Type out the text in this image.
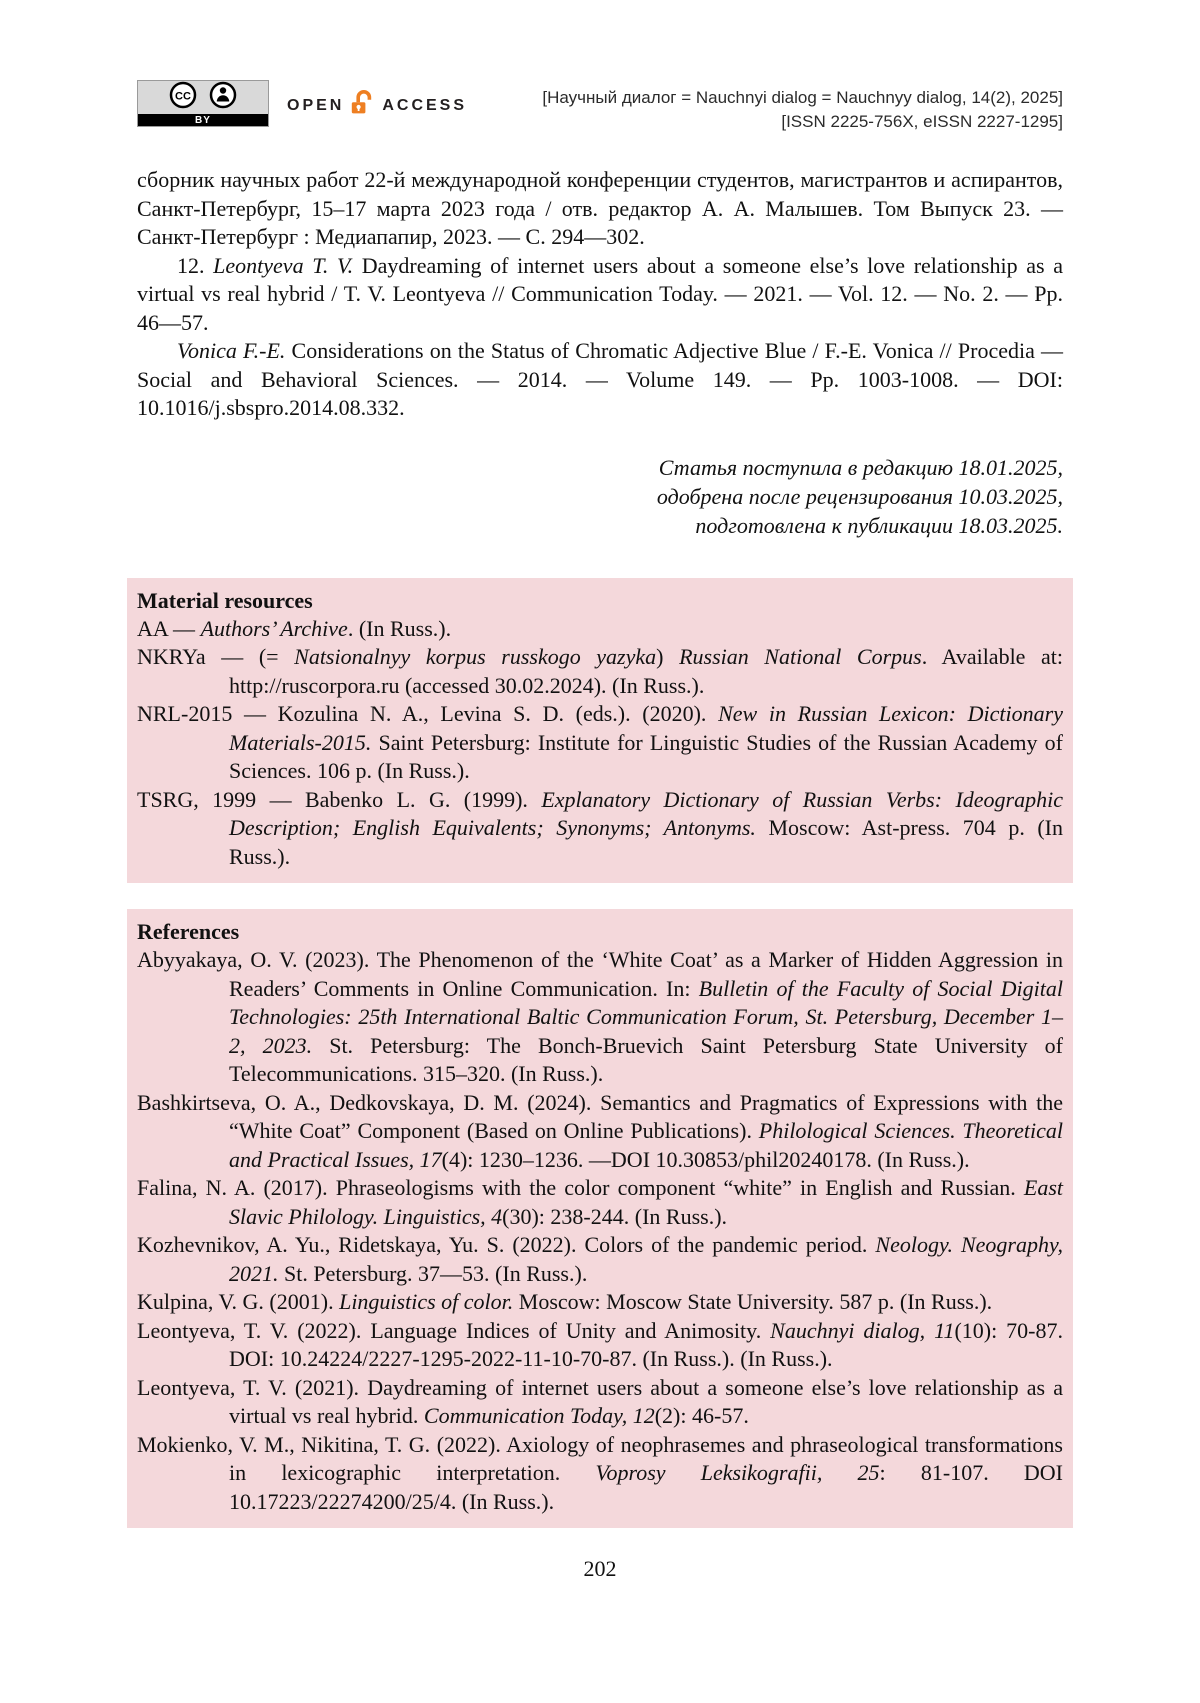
CC
BY
OPEN ACCESS	[Научный диалог = Nauchnyi dialog = Nauchnyy dialog, 14(2), 2025]
[ISSN 2225-756X, eISSN 2227-1295]

сборник научных работ 22-й международной конференции студентов, магистрантов и аспирантов, Санкт-Петербург, 15–17 марта 2023 года / отв. редактор А. А. Малышев. Том Выпуск 23. — Санкт-Петербург : Медиапапир, 2023. — С. 294—302.

12. Leontyeva T. V. Daydreaming of internet users about a someone else’s love relationship as a virtual vs real hybrid / T. V. Leontyeva // Communication Today. — 2021. — Vol. 12. — No. 2. — Pp. 46—57.

Vonica F.-E. Considerations on the Status of Chromatic Adjective Blue / F.-E. Vonica // Procedia — Social and Behavioral Sciences. — 2014. — Volume 149. — Pp. 1003-1008. — DOI: 10.1016/j.sbspro.2014.08.332.

Статья поступила в редакцию 18.01.2025,
одобрена после рецензирования 10.03.2025,
подготовлена к публикации 18.03.2025.
Material resources

AA — Authors’ Archive. (In Russ.).

NKRYa — (= Natsionalnyy korpus russkogo yazyka) Russian National Corpus. Available at: http://ruscorpora.ru (accessed 30.02.2024). (In Russ.).

NRL-2015 — Kozulina N. A., Levina S. D. (eds.). (2020). New in Russian Lexicon: Dictionary Materials-2015. Saint Petersburg: Institute for Linguistic Studies of the Russian Academy of Sciences. 106 p. (In Russ.).

TSRG, 1999 — Babenko L. G. (1999). Explanatory Dictionary of Russian Verbs: Ideographic Description; English Equivalents; Synonyms; Antonyms. Moscow: Ast-press. 704 p. (In Russ.).

References

Abyyakaya, O. V. (2023). The Phenomenon of the ‘White Coat’ as a Marker of Hidden Aggression in Readers’ Comments in Online Communication. In: Bulletin of the Faculty of Social Digital Technologies: 25th International Baltic Communication Forum, St. Petersburg, December 1–2, 2023. St. Petersburg: The Bonch-Bruevich Saint Petersburg State University of Telecommunications. 315–320. (In Russ.).

Bashkirtseva, O. A., Dedkovskaya, D. M. (2024). Semantics and Pragmatics of Expressions with the “White Coat” Component (Based on Online Publications). Philological Sciences. Theoretical and Practical Issues, 17(4): 1230–1236. —DOI 10.30853/phil20240178. (In Russ.).

Falina, N. A. (2017). Phraseologisms with the color component “white” in English and Russian. East Slavic Philology. Linguistics, 4(30): 238-244. (In Russ.).

Kozhevnikov, A. Yu., Ridetskaya, Yu. S. (2022). Colors of the pandemic period. Neology. Neography, 2021. St. Petersburg. 37—53. (In Russ.).

Kulpina, V. G. (2001). Linguistics of color. Moscow: Moscow State University. 587 p. (In Russ.).

Leontyeva, T. V. (2022). Language Indices of Unity and Animosity. Nauchnyi dialog, 11(10): 70-87. DOI: 10.24224/2227-1295-2022-11-10-70-87. (In Russ.). (In Russ.).

Leontyeva, T. V. (2021). Daydreaming of internet users about a someone else’s love relationship as a virtual vs real hybrid. Communication Today, 12(2): 46-57.

Mokienko, V. M., Nikitina, T. G. (2022). Axiology of neophrasemes and phraseological transformations in lexicographic interpretation. Voprosy Leksikografii, 25: 81-107. DOI 10.17223/22274200/25/4. (In Russ.).

202
